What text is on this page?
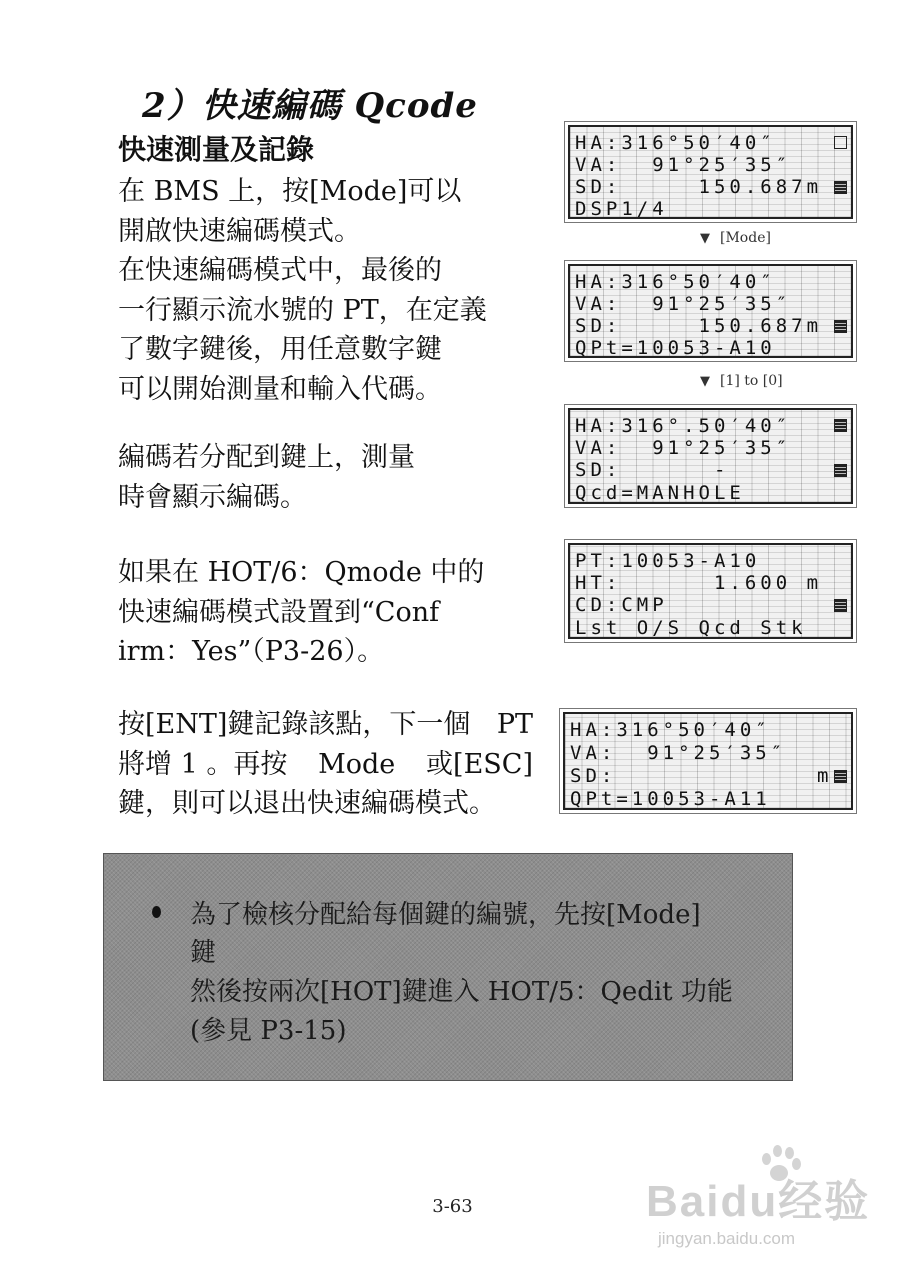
2）快速編碼 Qcode
快速測量及記錄
在 BMS 上，按[Mode]可以
開啟快速編碼模式。
在快速編碼模式中，最後的
一行顯示流水號的 PT，在定義
了數字鍵後，用任意數字鍵
可以開始測量和輸入代碼。
編碼若分配到鍵上，測量
時會顯示編碼。
如果在 HOT/6：Qmode 中的
快速編碼模式設置到“Conf
irm：Yes”（P3-26）。
按[ENT]鍵記錄該點，下一個 PT
將增 1 。再按 Mode 或[ESC]
鍵，則可以退出快速編碼模式。
HA:316°50′40″
VA:  91°25′35″
SD:     150.687m
DSP1/4
▼ [Mode]
HA:316°50′40″
VA:  91°25′35″
SD:     150.687m
QPt=10053-A10
▼ [1] to [0]
HA:316°.50′40″
VA:  91°25′35″
SD:      -
Qcd=MANHOLE
PT:10053-A10
HT:      1.600 m
CD:CMP
Lst O/S Qcd Stk
HA:316°50′40″
VA:  91°25′35″
SD:             m
QPt=10053-A11
為了檢核分配給每個鍵的編號，先按[Mode]
鍵
然後按兩次[HOT]鍵進入 HOT/5：Qedit 功能
(參見 P3-15)
3-63	Baidu经验
jingyan.baidu.com
